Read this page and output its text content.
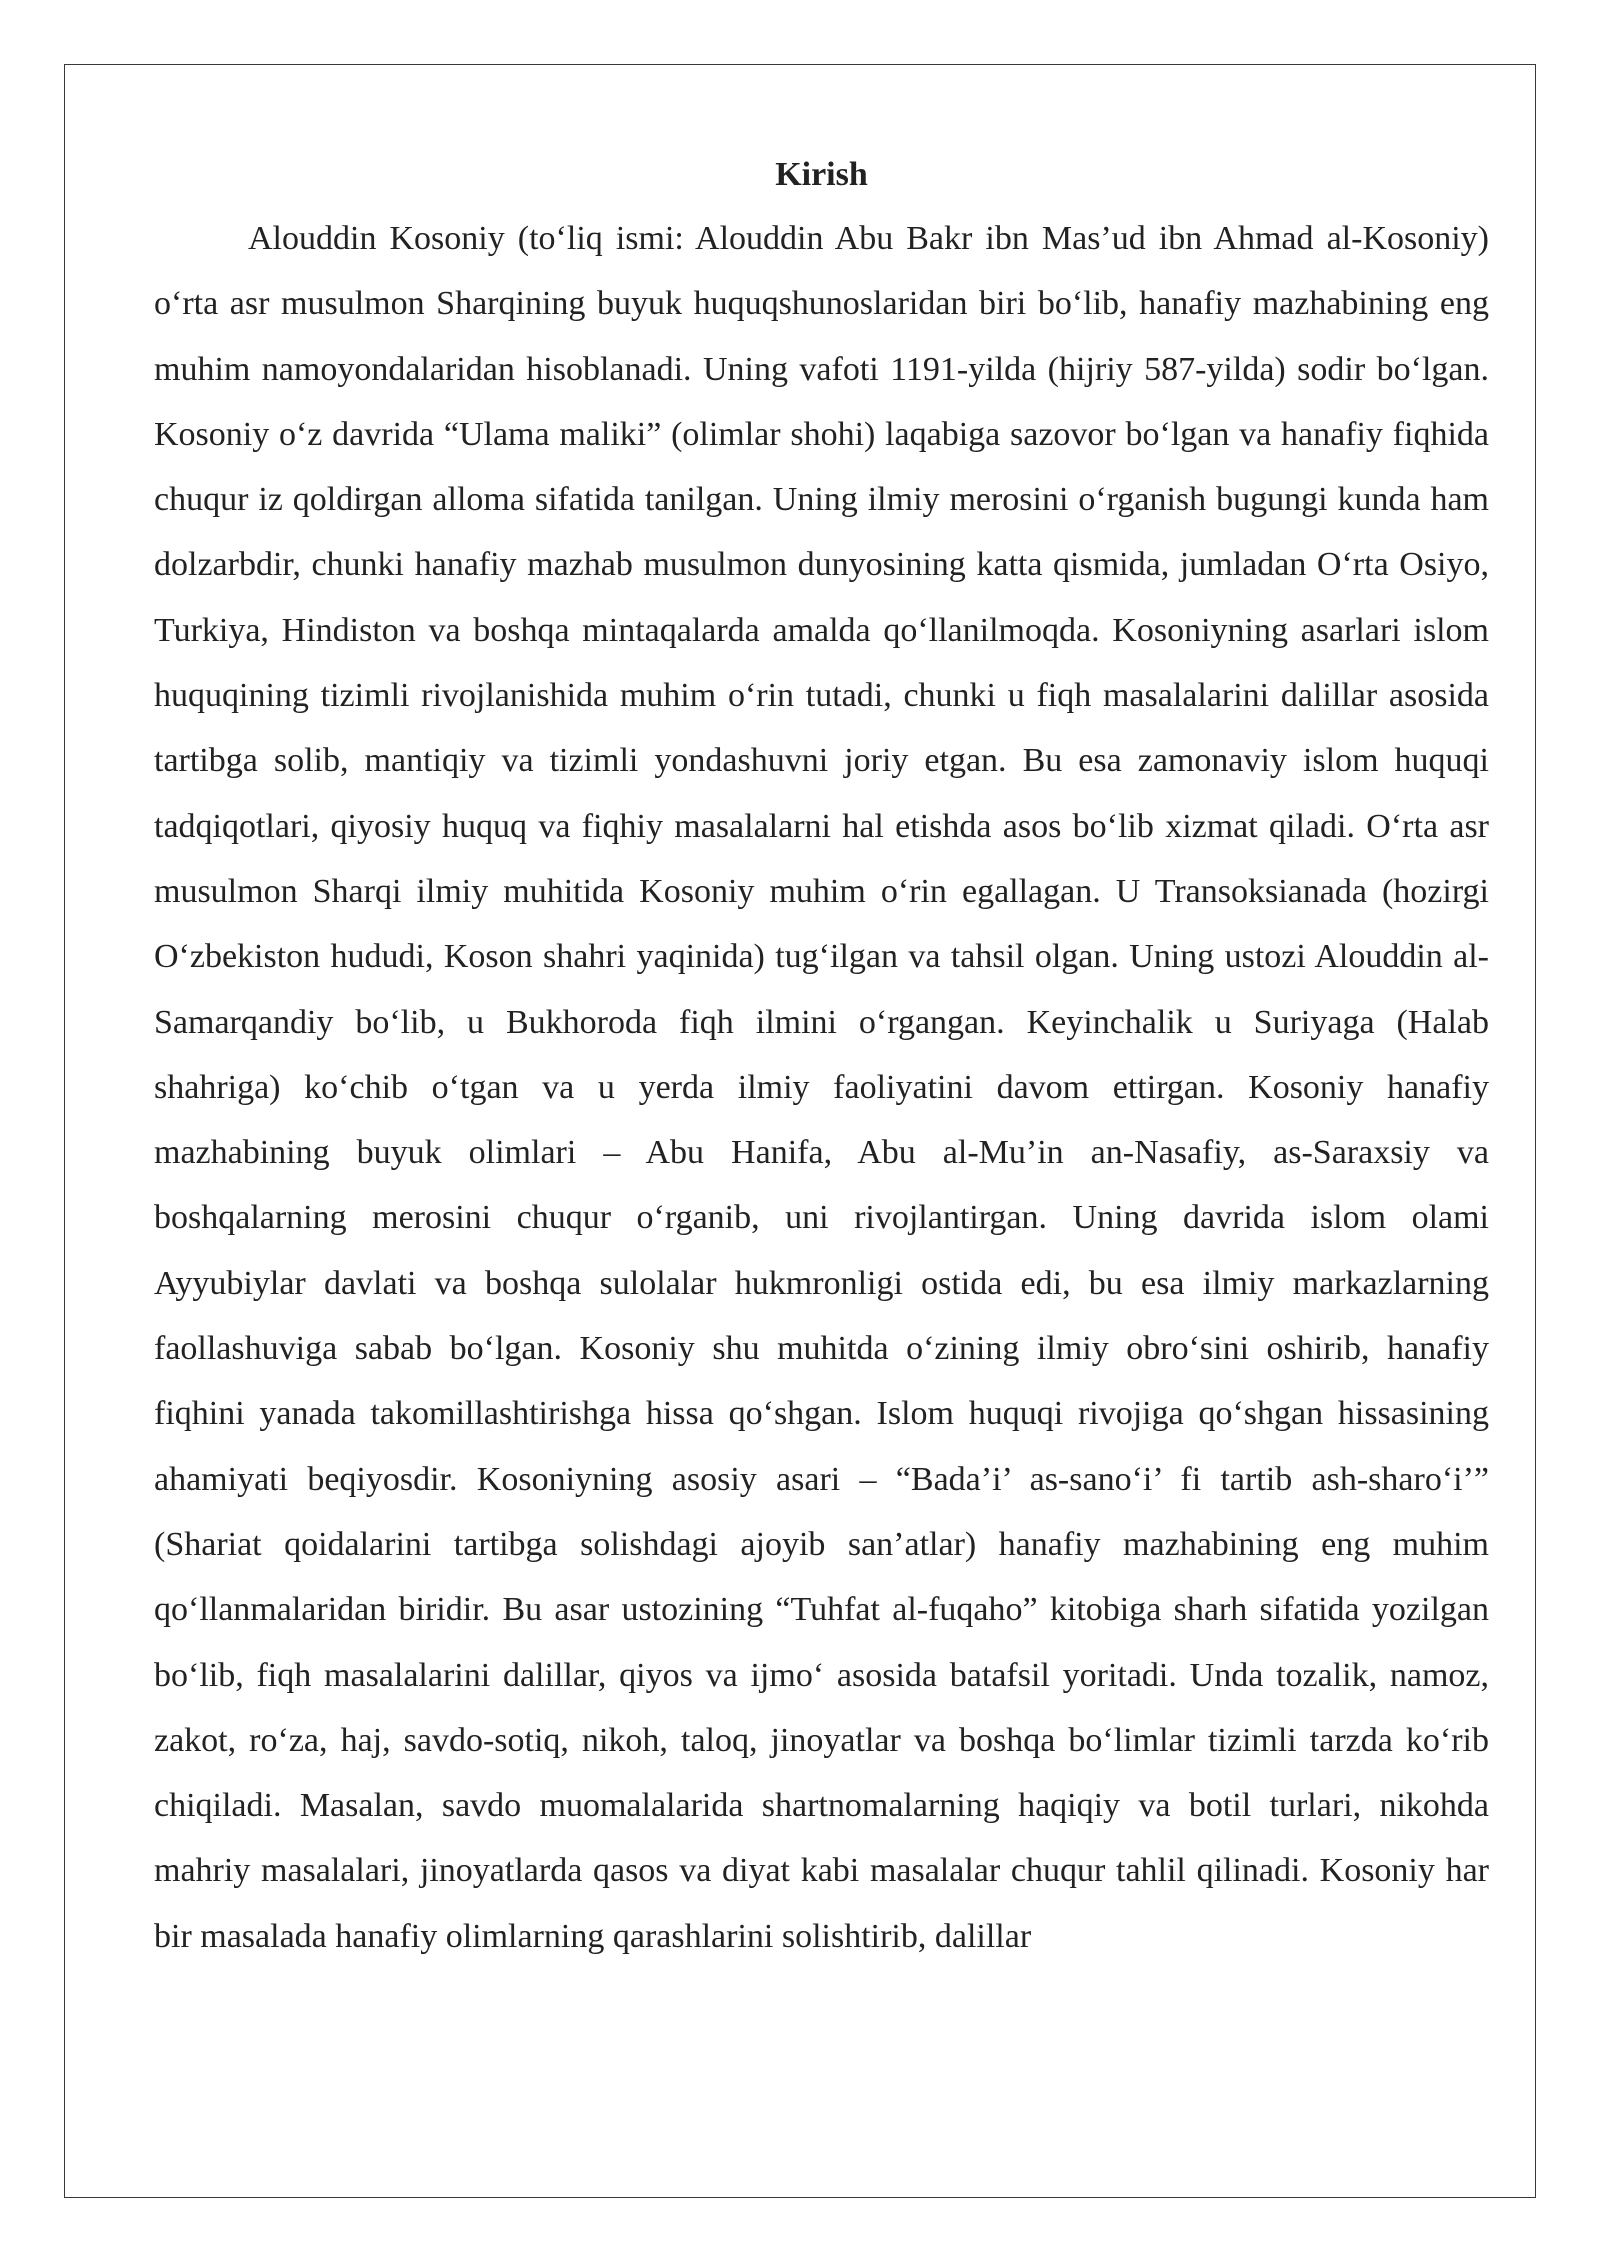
Kirish

Alouddin Kosoniy (to‘liq ismi: Alouddin Abu Bakr ibn Mas’ud ibn Ahmad al-Kosoniy) o‘rta asr musulmon Sharqining buyuk huquqshunoslaridan biri bo‘lib, hanafiy mazhabining eng muhim namoyondalaridan hisoblanadi. Uning vafoti 1191-yilda (hijriy 587-yilda) sodir bo‘lgan. Kosoniy o‘z davrida “Ulama maliki” (olimlar shohi) laqabiga sazovor bo‘lgan va hanafiy fiqhida chuqur iz qoldirgan alloma sifatida tanilgan. Uning ilmiy merosini o‘rganish bugungi kunda ham dolzarbdir, chunki hanafiy mazhab musulmon dunyosining katta qismida, jumladan O‘rta Osiyo, Turkiya, Hindiston va boshqa mintaqalarda amalda qo‘llanilmoqda. Kosoniyning asarlari islom huquqining tizimli rivojlanishida muhim o‘rin tutadi, chunki u fiqh masalalarini dalillar asosida tartibga solib, mantiqiy va tizimli yondashuvni joriy etgan. Bu esa zamonaviy islom huquqi tadqiqotlari, qiyosiy huquq va fiqhiy masalalarni hal etishda asos bo‘lib xizmat qiladi. O‘rta asr musulmon Sharqi ilmiy muhitida Kosoniy muhim o‘rin egallagan. U Transoksianada (hozirgi O‘zbekiston hududi, Koson shahri yaqinida) tug‘ilgan va tahsil olgan. Uning ustozi Alouddin al-Samarqandiy bo‘lib, u Bukhoroda fiqh ilmini o‘rgangan. Keyinchalik u Suriyaga (Halab shahriga) ko‘chib o‘tgan va u yerda ilmiy faoliyatini davom ettirgan. Kosoniy hanafiy mazhabining buyuk olimlari – Abu Hanifa, Abu al-Mu’in an-Nasafiy, as-Saraxsiy va boshqalarning merosini chuqur o‘rganib, uni rivojlantirgan. Uning davrida islom olami Ayyubiylar davlati va boshqa sulolalar hukmronligi ostida edi, bu esa ilmiy markazlarning faollashuviga sabab bo‘lgan. Kosoniy shu muhitda o‘zining ilmiy obro‘sini oshirib, hanafiy fiqhini yanada takomillashtirishga hissa qo‘shgan. Islom huquqi rivojiga qo‘shgan hissasining ahamiyati beqiyosdir. Kosoniyning asosiy asari – “Bada’i’ as-sano‘i’ fi tartib ash-sharo‘i’” (Shariat qoidalarini tartibga solishdagi ajoyib san’atlar) hanafiy mazhabining eng muhim qo‘llanmalaridan biridir. Bu asar ustozining “Tuhfat al-fuqaho” kitobiga sharh sifatida yozilgan bo‘lib, fiqh masalalarini dalillar, qiyos va ijmo‘ asosida batafsil yoritadi. Unda tozalik, namoz, zakot, ro‘za, haj, savdo-sotiq, nikoh, taloq, jinoyatlar va boshqa bo‘limlar tizimli tarzda ko‘rib chiqiladi. Masalan, savdo muomalalarida shartnomalarning haqiqiy va botil turlari, nikohda mahriy masalalari, jinoyatlarda qasos va diyat kabi masalalar chuqur tahlil qilinadi. Kosoniy har bir masalada hanafiy olimlarning qarashlarini solishtirib, dalillar
